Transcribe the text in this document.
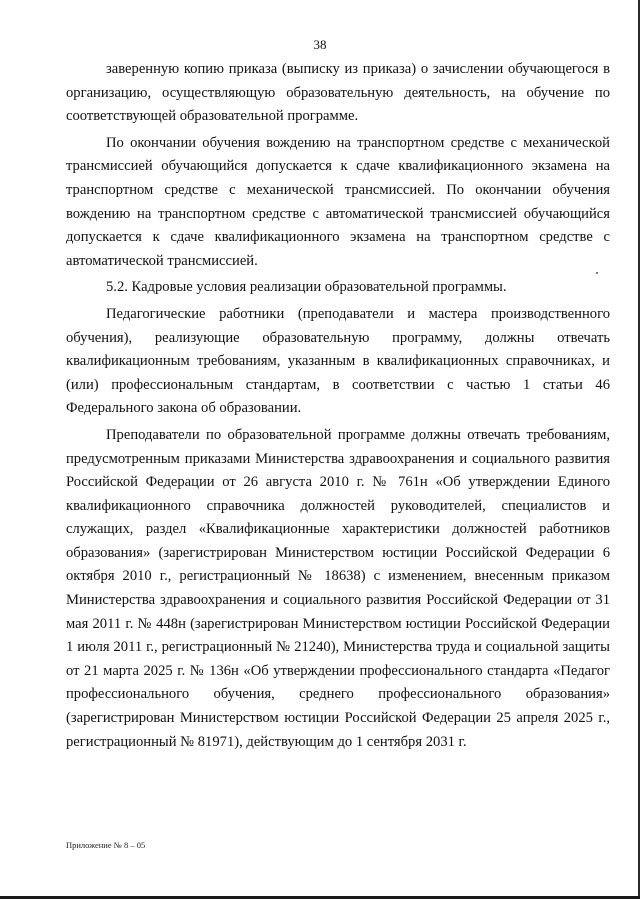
38

заверенную копию приказа (выписку из приказа) о зачислении обучающегося в организацию, осуществляющую образовательную деятельность, на обучение по соответствующей образовательной программе.

По окончании обучения вождению на транспортном средстве с механической трансмиссией обучающийся допускается к сдаче квалификационного экзамена на транспортном средстве с механической трансмиссией. По окончании обучения вождению на транспортном средстве с автоматической трансмиссией обучающийся допускается к сдаче квалификационного экзамена на транспортном средстве с автоматической трансмиссией.

5.2. Кадровые условия реализации образовательной программы.

Педагогические работники (преподаватели и мастера производственного обучения), реализующие образовательную программу, должны отвечать квалификационным требованиям, указанным в квалификационных справочниках, и (или) профессиональным стандартам, в соответствии с частью 1 статьи 46 Федерального закона об образовании.

Преподаватели по образовательной программе должны отвечать требованиям, предусмотренным приказами Министерства здравоохранения и социального развития Российской Федерации от 26 августа 2010 г. № 761н «Об утверждении Единого квалификационного справочника должностей руководителей, специалистов и служащих, раздел «Квалификационные характеристики должностей работников образования» (зарегистрирован Министерством юстиции Российской Федерации 6 октября 2010 г., регистрационный № 18638) с изменением, внесенным приказом Министерства здравоохранения и социального развития Российской Федерации от 31 мая 2011 г. № 448н (зарегистрирован Министерством юстиции Российской Федерации 1 июля 2011 г., регистрационный № 21240), Министерства труда и социальной защиты от 21 марта 2025 г. № 136н «Об утверждении профессионального стандарта «Педагог профессионального обучения, среднего профессионального образования» (зарегистрирован Министерством юстиции Российской Федерации 25 апреля 2025 г., регистрационный № 81971), действующим до 1 сентября 2031 г.

Приложение № 8 – 05
